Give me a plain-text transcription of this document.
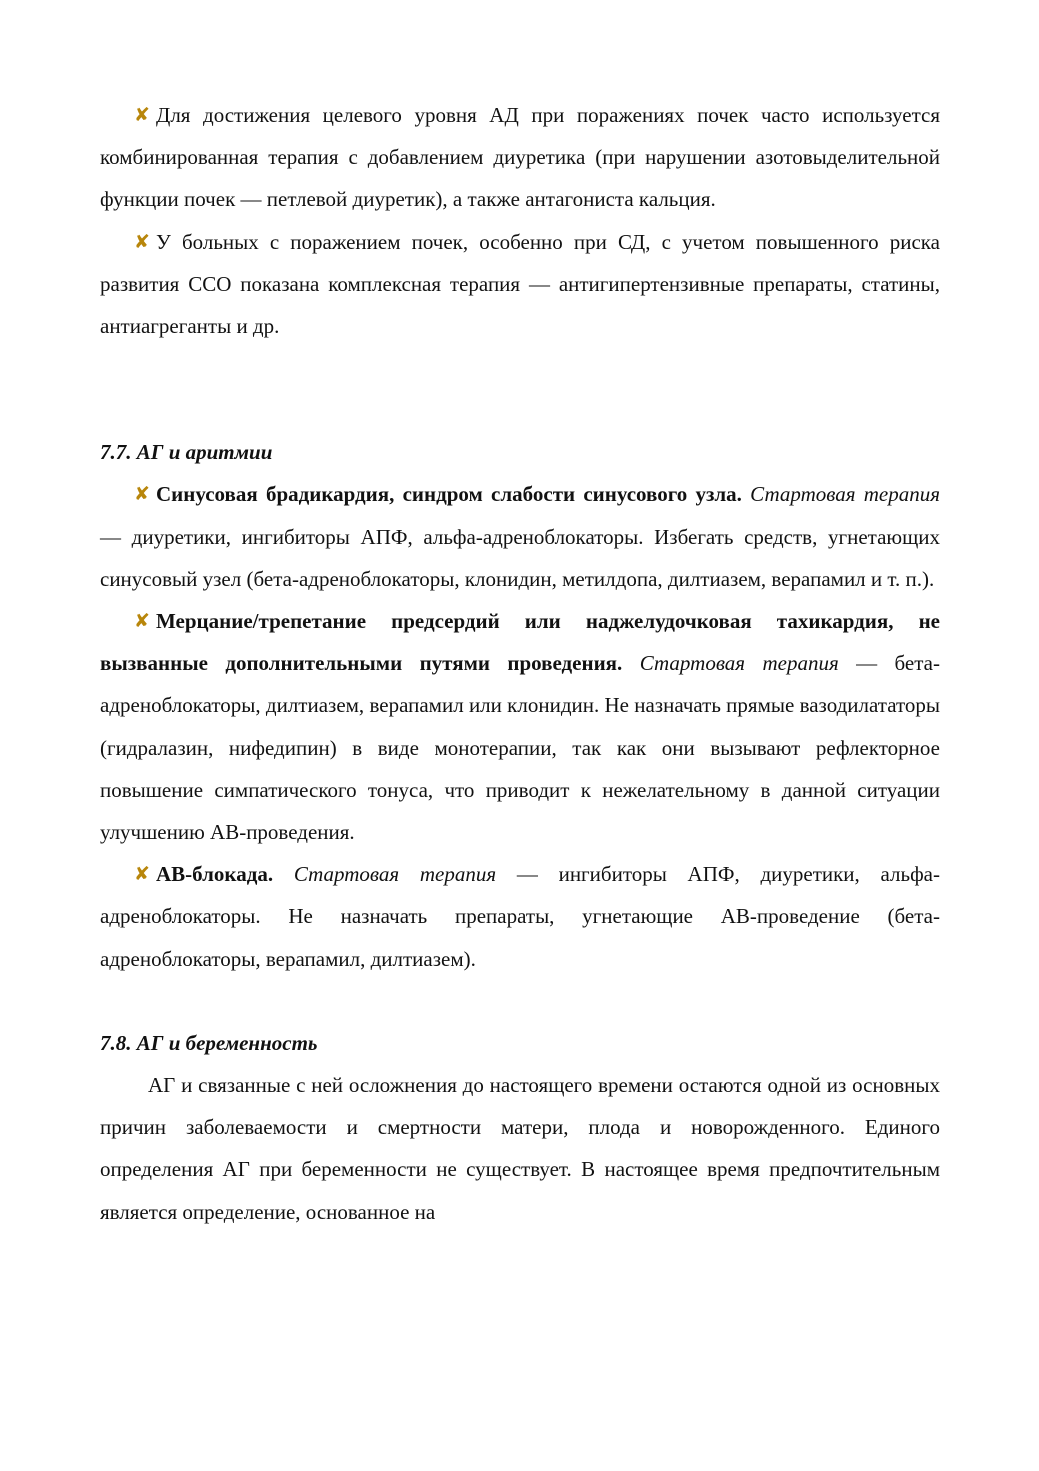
✘ Для достижения целевого уровня АД при поражениях почек часто используется комбинированная терапия с добавлением диуретика (при нарушении азотовыделительной функции почек — петлевой диуретик), а также антагониста кальция.

✘ У больных с поражением почек, особенно при СД, с учетом повышенного риска развития ССО показана комплексная терапия — антигипертензивные препараты, статины, антиагреганты и др.

7.7. АГ и аритмии

✘ Синусовая брадикардия, синдром слабости синусового узла. Стартовая терапия — диуретики, ингибиторы АПФ, альфа-адреноблокаторы. Избегать средств, угнетающих синусовый узел (бета-адреноблокаторы, клонидин, метилдопа, дилтиазем, верапамил и т. п.).

✘ Мерцание/трепетание предсердий или наджелудочковая тахикардия, не вызванные дополнительными путями проведения. Стартовая терапия — бета-адреноблокаторы, дилтиазем, верапамил или клонидин. Не назначать прямые вазодилататоры (гидралазин, нифедипин) в виде монотерапии, так как они вызывают рефлекторное повышение симпатического тонуса, что приводит к нежелательному в данной ситуации улучшению АВ-проведения.

✘ АВ-блокада. Стартовая терапия — ингибиторы АПФ, диуретики, альфа-адреноблокаторы. Не назначать препараты, угнетающие АВ-проведение (бета-адреноблокаторы, верапамил, дилтиазем).

7.8. АГ и беременность

АГ и связанные с ней осложнения до настоящего времени остаются одной из основных причин заболеваемости и смертности матери, плода и новорожденного. Единого определения АГ при беременности не существует. В настоящее время предпочтительным является определение, основанное на
